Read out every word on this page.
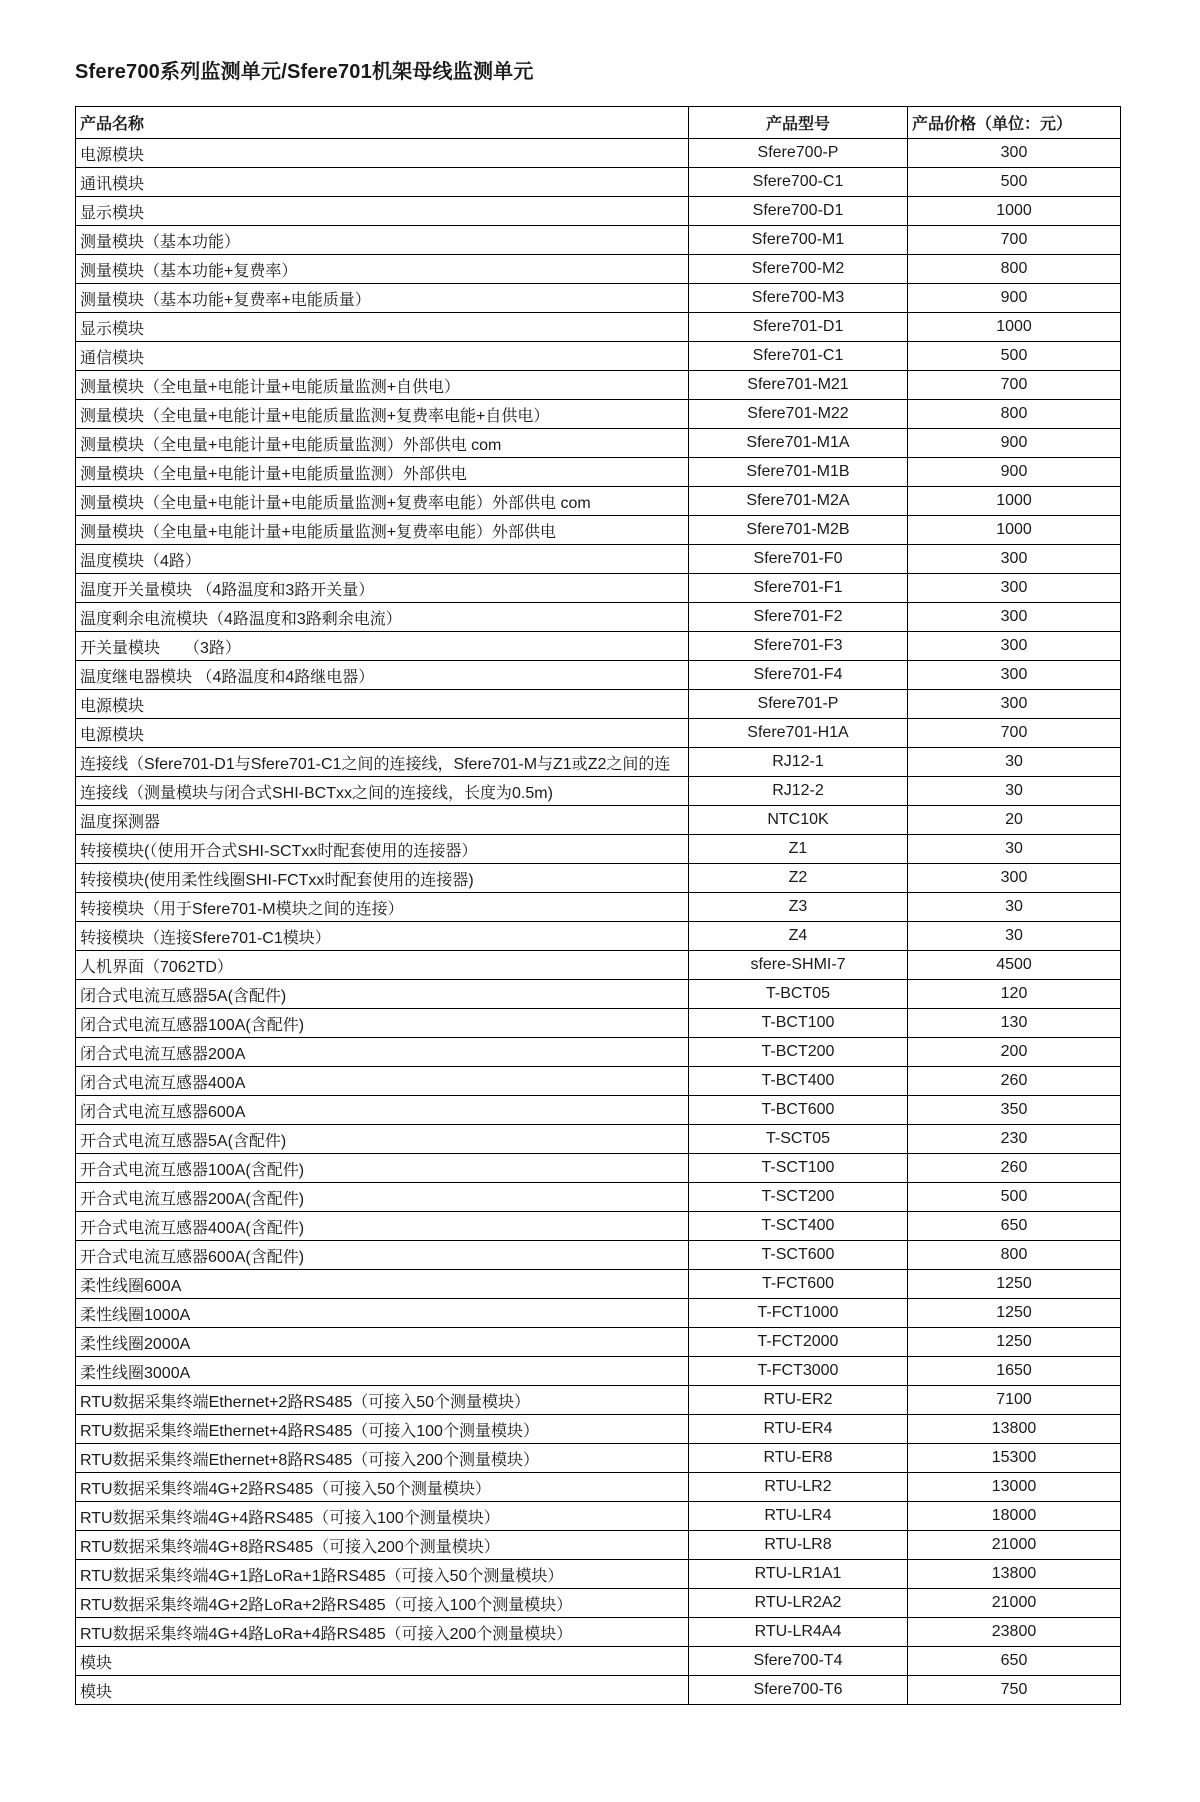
Sfere700系列监测单元/Sfere701机架母线监测单元
产品名称	产品型号	产品价格（单位：元）
电源模块	Sfere700-P	300
通讯模块	Sfere700-C1	500
显示模块	Sfere700-D1	1000
测量模块（基本功能）	Sfere700-M1	700
测量模块（基本功能+复费率）	Sfere700-M2	800
测量模块（基本功能+复费率+电能质量）	Sfere700-M3	900
显示模块	Sfere701-D1	1000
通信模块	Sfere701-C1	500
测量模块（全电量+电能计量+电能质量监测+自供电）	Sfere701-M21	700
测量模块（全电量+电能计量+电能质量监测+复费率电能+自供电）	Sfere701-M22	800
测量模块（全电量+电能计量+电能质量监测）外部供电 com	Sfere701-M1A	900
测量模块（全电量+电能计量+电能质量监测）外部供电	Sfere701-M1B	900
测量模块（全电量+电能计量+电能质量监测+复费率电能）外部供电 com	Sfere701-M2A	1000
测量模块（全电量+电能计量+电能质量监测+复费率电能）外部供电	Sfere701-M2B	1000
温度模块（4路）	Sfere701-F0	300
温度开关量模块 （4路温度和3路开关量）	Sfere701-F1	300
温度剩余电流模块（4路温度和3路剩余电流）	Sfere701-F2	300
开关量模块　　（3路）	Sfere701-F3	300
温度继电器模块 （4路温度和4路继电器）	Sfere701-F4	300
电源模块	Sfere701-P	300
电源模块	Sfere701-H1A	700
连接线（Sfere701-D1与Sfere701-C1之间的连接线，Sfere701-M与Z1或Z2之间的连	RJ12-1	30
连接线（测量模块与闭合式SHI-BCTxx之间的连接线，长度为0.5m)	RJ12-2	30
温度探测器	NTC10K	20
转接模块(（使用开合式SHI-SCTxx时配套使用的连接器）	Z1	30
转接模块(使用柔性线圈SHI-FCTxx时配套使用的连接器)	Z2	300
转接模块（用于Sfere701-M模块之间的连接）	Z3	30
转接模块（连接Sfere701-C1模块）	Z4	30
人机界面（7062TD）	sfere-SHMI-7	4500
闭合式电流互感器5A(含配件)	T-BCT05	120
闭合式电流互感器100A(含配件)	T-BCT100	130
闭合式电流互感器200A	T-BCT200	200
闭合式电流互感器400A	T-BCT400	260
闭合式电流互感器600A	T-BCT600	350
开合式电流互感器5A(含配件)	T-SCT05	230
开合式电流互感器100A(含配件)	T-SCT100	260
开合式电流互感器200A(含配件)	T-SCT200	500
开合式电流互感器400A(含配件)	T-SCT400	650
开合式电流互感器600A(含配件)	T-SCT600	800
柔性线圈600A	T-FCT600	1250
柔性线圈1000A	T-FCT1000	1250
柔性线圈2000A	T-FCT2000	1250
柔性线圈3000A	T-FCT3000	1650
RTU数据采集终端Ethernet+2路RS485（可接入50个测量模块）	RTU-ER2	7100
RTU数据采集终端Ethernet+4路RS485（可接入100个测量模块）	RTU-ER4	13800
RTU数据采集终端Ethernet+8路RS485（可接入200个测量模块）	RTU-ER8	15300
RTU数据采集终端4G+2路RS485（可接入50个测量模块）	RTU-LR2	13000
RTU数据采集终端4G+4路RS485（可接入100个测量模块）	RTU-LR4	18000
RTU数据采集终端4G+8路RS485（可接入200个测量模块）	RTU-LR8	21000
RTU数据采集终端4G+1路LoRa+1路RS485（可接入50个测量模块）	RTU-LR1A1	13800
RTU数据采集终端4G+2路LoRa+2路RS485（可接入100个测量模块）	RTU-LR2A2	21000
RTU数据采集终端4G+4路LoRa+4路RS485（可接入200个测量模块）	RTU-LR4A4	23800
模块	Sfere700-T4	650
模块	Sfere700-T6	750
